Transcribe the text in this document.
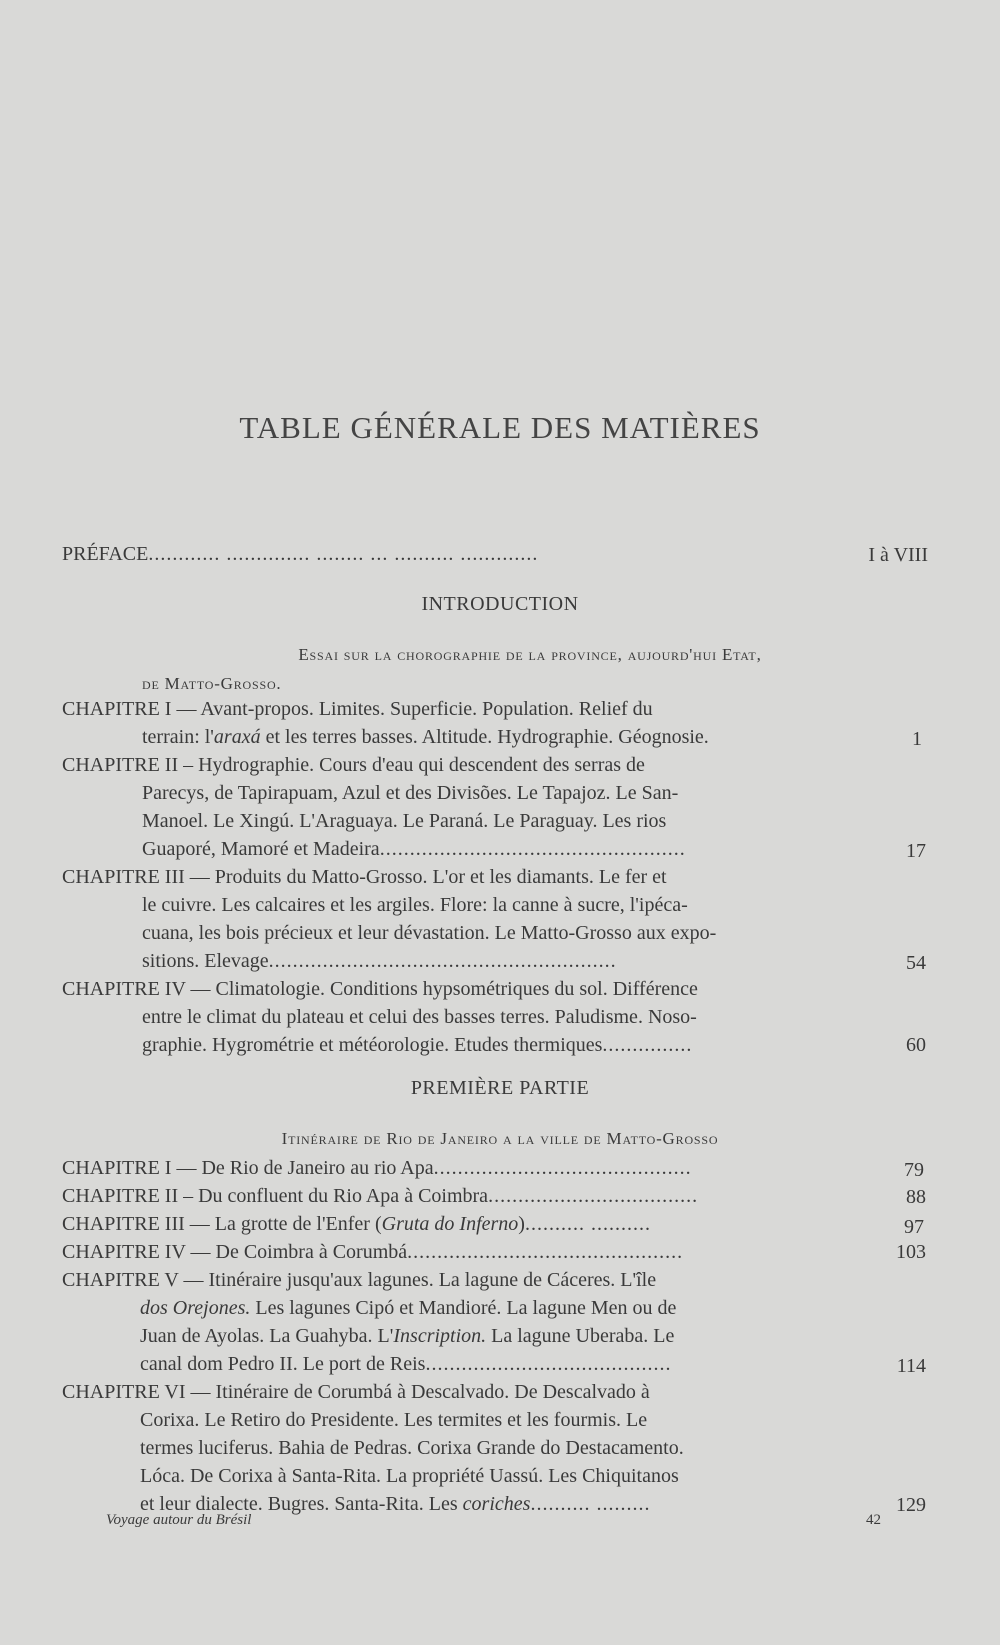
TABLE GÉNÉRALE DES MATIÈRES
PRÉFACE............ .............. ........ ... .......... .............	I à VIII
INTRODUCTION
Essai sur la chorographie de la province, aujourd'hui Etat,
de Matto-Grosso.
CHAPITRE I — Avant-propos. Limites. Superficie. Population. Relief du
terrain: l'araxá et les terres basses. Altitude. Hydrographie. Géognosie.	1
CHAPITRE II – Hydrographie. Cours d'eau qui descendent des serras de
Parecys, de Tapirapuam, Azul et des Divisões. Le Tapajoz. Le San-
Manoel. Le Xingú. L'Araguaya. Le Paraná. Le Paraguay. Les rios
Guaporé, Mamoré et Madeira...................................................	17
CHAPITRE III — Produits du Matto-Grosso. L'or et les diamants. Le fer et
le cuivre. Les calcaires et les argiles. Flore: la canne à sucre, l'ipéca-
cuana, les bois précieux et leur dévastation. Le Matto-Grosso aux expo-
sitions. Elevage..........................................................	54
CHAPITRE IV — Climatologie. Conditions hypsométriques du sol. Différence
entre le climat du plateau et celui des basses terres. Paludisme. Noso-
graphie. Hygrométrie et météorologie. Etudes thermiques...............	60
PREMIÈRE PARTIE
Itinéraire de Rio de Janeiro a la ville de Matto-Grosso
CHAPITRE I — De Rio de Janeiro au rio Apa...........................................	79
CHAPITRE II – Du confluent du Rio Apa à Coimbra...................................	88
CHAPITRE III — La grotte de l'Enfer (Gruta do Inferno).......... ..........	97
CHAPITRE IV — De Coimbra à Corumbá..............................................	103
CHAPITRE V — Itinéraire jusqu'aux lagunes. La lagune de Cáceres. L'île
dos Orejones. Les lagunes Cipó et Mandioré. La lagune Men ou de
Juan de Ayolas. La Guahyba. L'Inscription. La lagune Uberaba. Le
canal dom Pedro II. Le port de Reis.........................................	114
CHAPITRE VI — Itinéraire de Corumbá à Descalvado. De Descalvado à
Corixa. Le Retiro do Presidente. Les termites et les fourmis. Le
termes luciferus. Bahia de Pedras. Corixa Grande do Destacamento.
Lóca. De Corixa à Santa-Rita. La propriété Uassú. Les Chiquitanos
et leur dialecte. Bugres. Santa-Rita. Les coriches.......... .........	129
Voyage autour du Brésil	42
